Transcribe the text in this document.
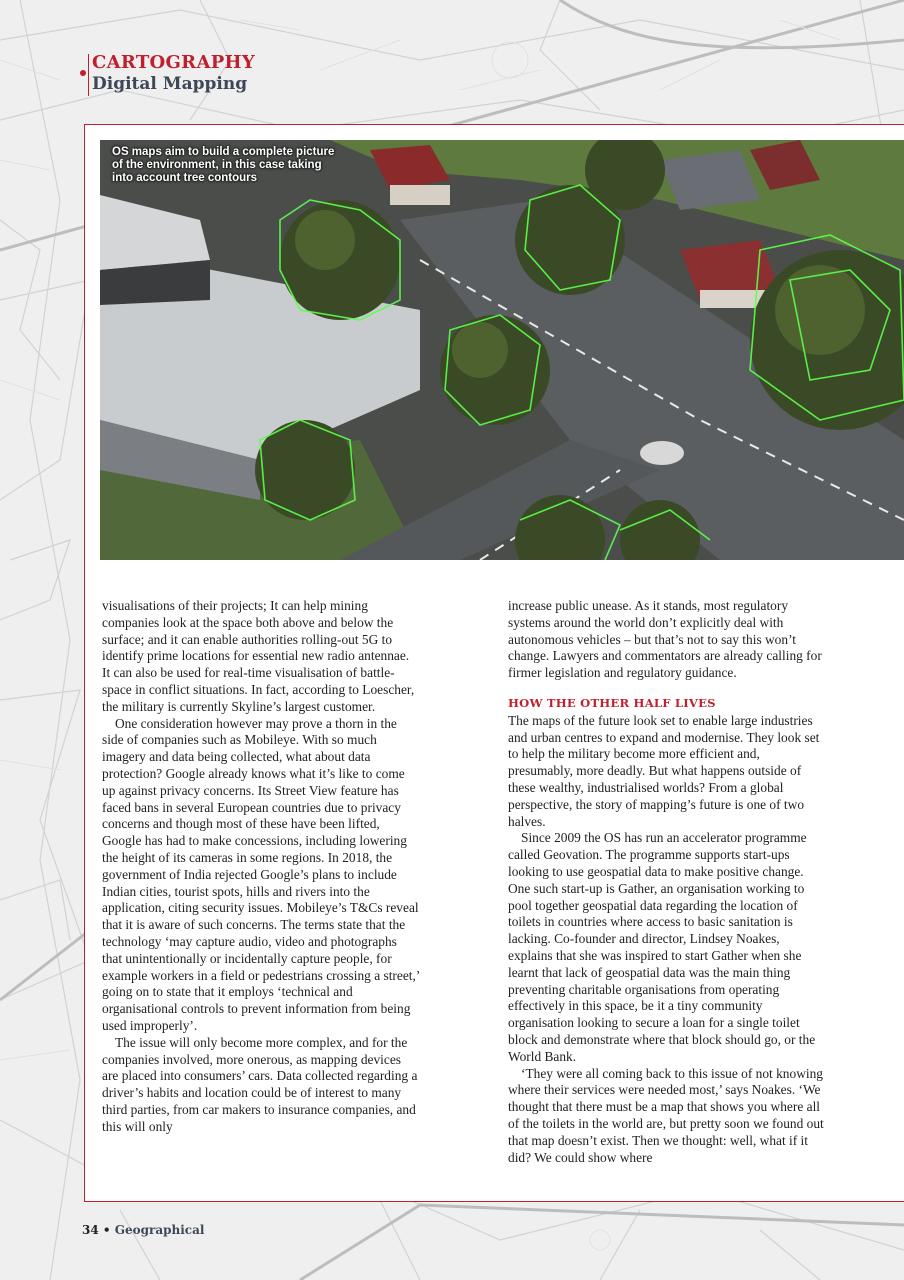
CARTOGRAPHY
Digital Mapping
OS maps aim to build a complete picture of the environment, in this case taking into account tree contours

visualisations of their projects; It can help mining companies look at the space both above and below the surface; and it can enable authorities rolling-out 5G to identify prime locations for essential new radio antennae. It can also be used for real-time visualisation of battle-space in conflict situations. In fact, according to Loescher, the military is currently Skyline’s largest customer.

One consideration however may prove a thorn in the side of companies such as Mobileye. With so much imagery and data being collected, what about data protection? Google already knows what it’s like to come up against privacy concerns. Its Street View feature has faced bans in several European countries due to privacy concerns and though most of these have been lifted, Google has had to make concessions, including lowering the height of its cameras in some regions. In 2018, the government of India rejected Google’s plans to include Indian cities, tourist spots, hills and rivers into the application, citing security issues. Mobileye’s T&Cs reveal that it is aware of such concerns. The terms state that the technology ‘may capture audio, video and photographs that unintentionally or incidentally capture people, for example workers in a field or pedestrians crossing a street,’ going on to state that it employs ‘technical and organisational controls to prevent information from being used improperly’.

The issue will only become more complex, and for the companies involved, more onerous, as mapping devices are placed into consumers’ cars. Data collected regarding a driver’s habits and location could be of interest to many third parties, from car makers to insurance companies, and this will only

increase public unease. As it stands, most regulatory systems around the world don’t explicitly deal with autonomous vehicles – but that’s not to say this won’t change. Lawyers and commentators are already calling for firmer legislation and regulatory guidance.

HOW THE OTHER HALF LIVES

The maps of the future look set to enable large industries and urban centres to expand and modernise. They look set to help the military become more efficient and, presumably, more deadly. But what happens outside of these wealthy, industrialised worlds? From a global perspective, the story of mapping’s future is one of two halves.

Since 2009 the OS has run an accelerator programme called Geovation. The programme supports start-ups looking to use geospatial data to make positive change. One such start-up is Gather, an organisation working to pool together geospatial data regarding the location of toilets in countries where access to basic sanitation is lacking. Co-founder and director, Lindsey Noakes, explains that she was inspired to start Gather when she learnt that lack of geospatial data was the main thing preventing charitable organisations from operating effectively in this space, be it a tiny community organisation looking to secure a loan for a single toilet block and demonstrate where that block should go, or the World Bank.

‘They were all coming back to this issue of not knowing where their services were needed most,’ says Noakes. ‘We thought that there must be a map that shows you where all of the toilets in the world are, but pretty soon we found out that map doesn’t exist. Then we thought: well, what if it did? We could show where

34 • Geographical
